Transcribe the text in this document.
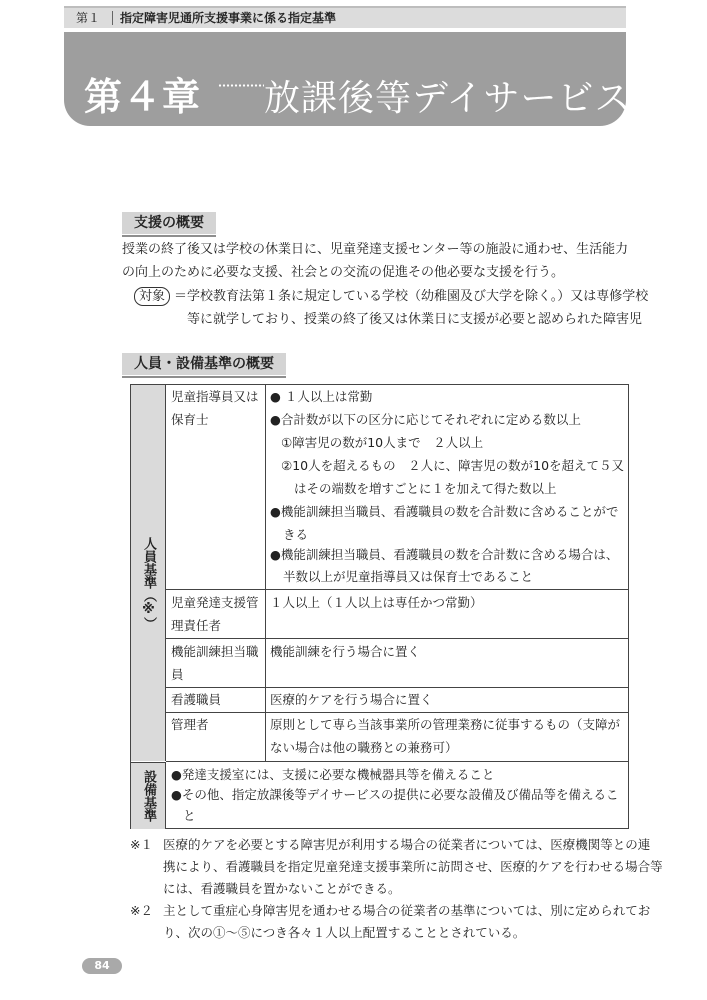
第１ 指定障害児通所支援事業に係る指定基準
第４章 放課後等デイサービス
支援の概要
授業の終了後又は学校の休業日に、児童発達支援センター等の施設に通わせ、生活能力
の向上のために必要な支援、社会との交流の促進その他必要な支援を行う。
対象 ＝学校教育法第１条に規定している学校（幼稚園及び大学を除く。）又は専修学校
等に就学しており、授業の終了後又は休業日に支援が必要と認められた障害児
人員・設備基準の概要
人員基準（※）
設備基準
児童指導員又は
保育士
● １人以上は常勤
●合計数が以下の区分に応じてそれぞれに定める数以上
①障害児の数が10人まで　２人以上
②10人を超えるもの　２人に、障害児の数が10を超えて５又
はその端数を増すごとに１を加えて得た数以上
●機能訓練担当職員、看護職員の数を合計数に含めることがで
きる
●機能訓練担当職員、看護職員の数を合計数に含める場合は、
半数以上が児童指導員又は保育士であること
児童発達支援管
理責任者
１人以上（１人以上は専任かつ常勤）
機能訓練担当職
員
機能訓練を行う場合に置く
看護職員	医療的ケアを行う場合に置く
管理者	原則として専ら当該事業所の管理業務に従事するもの（支障が
ない場合は他の職務との兼務可）
●発達支援室には、支援に必要な機械器具等を備えること
●その他、指定放課後等デイサービスの提供に必要な設備及び備品等を備えるこ
と
※１ 医療的ケアを必要とする障害児が利用する場合の従業者については、医療機関等との連
携により、看護職員を指定児童発達支援事業所に訪問させ、医療的ケアを行わせる場合等
には、看護職員を置かないことができる。
※２ 主として重症心身障害児を通わせる場合の従業者の基準については、別に定められてお
り、次の①～⑤につき各々１人以上配置することとされている。
84
